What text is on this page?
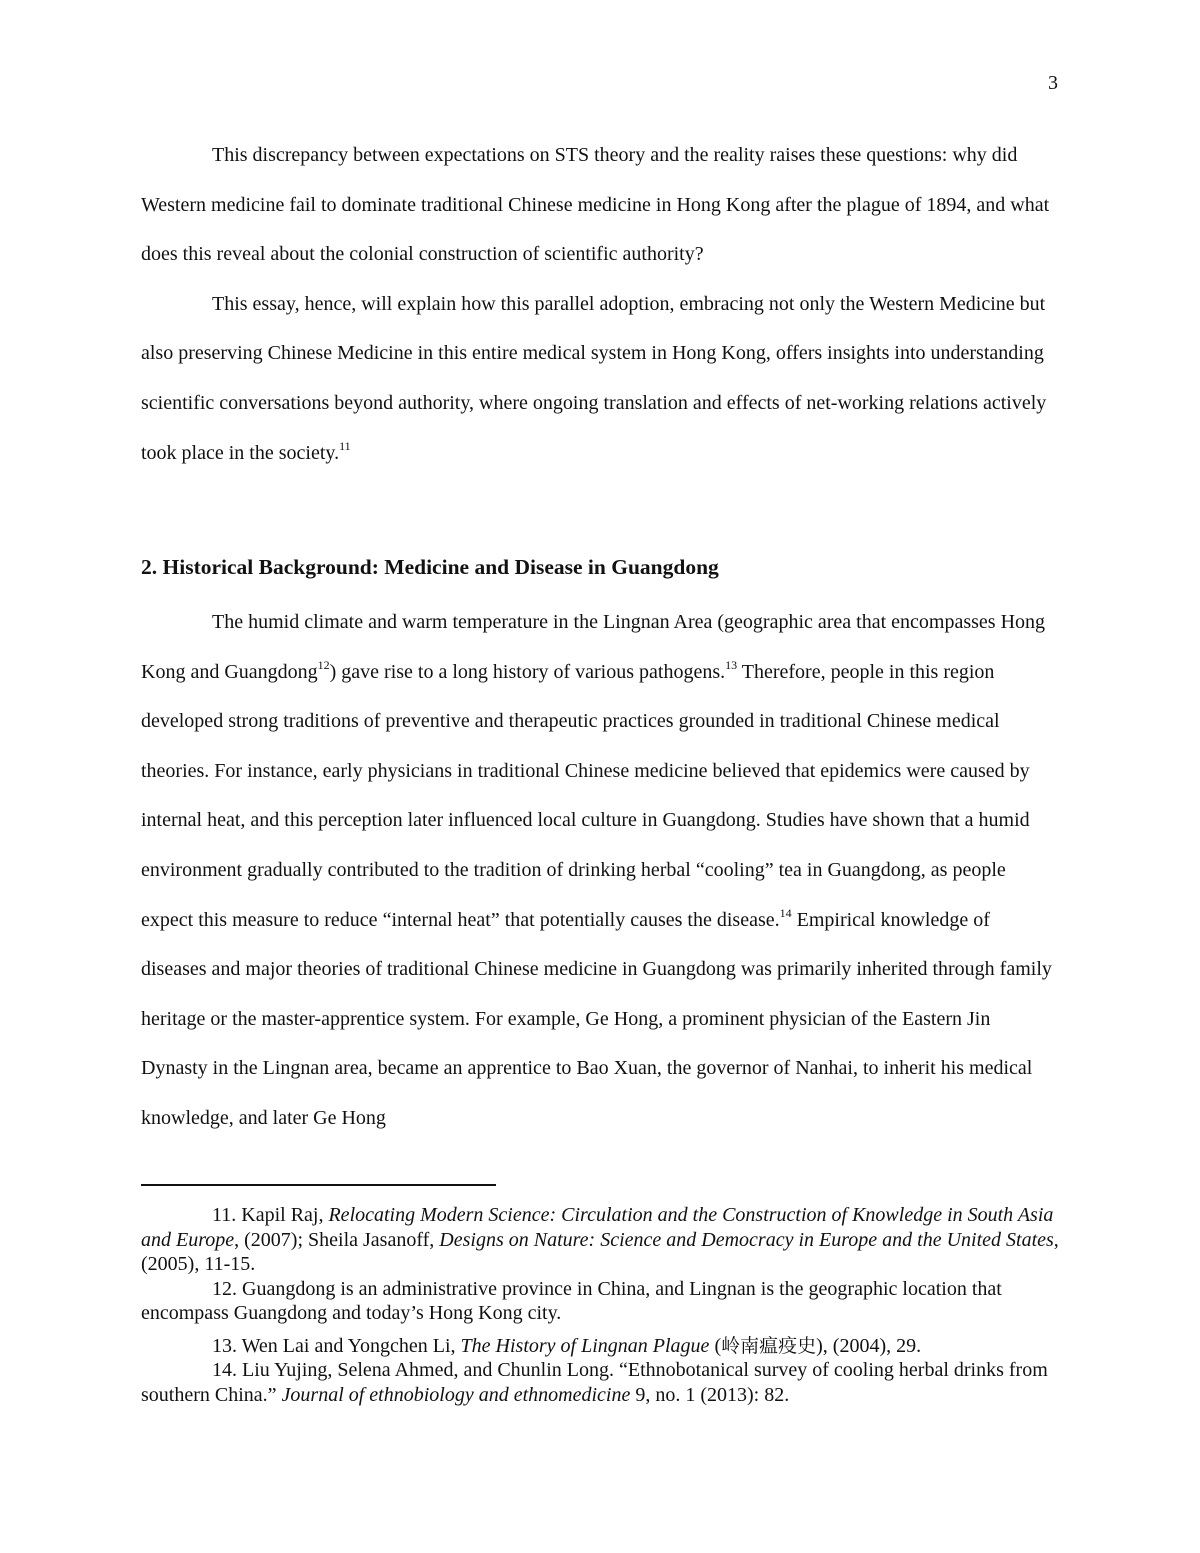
3

This discrepancy between expectations on STS theory and the reality raises these questions: why did Western medicine fail to dominate traditional Chinese medicine in Hong Kong after the plague of 1894, and what does this reveal about the colonial construction of scientific authority?

This essay, hence, will explain how this parallel adoption, embracing not only the Western Medicine but also preserving Chinese Medicine in this entire medical system in Hong Kong, offers insights into understanding scientific conversations beyond authority, where ongoing translation and effects of net-working relations actively took place in the society.$^{11}$

2. Historical Background: Medicine and Disease in Guangdong

The humid climate and warm temperature in the Lingnan Area (geographic area that encompasses Hong Kong and Guangdong$^{12}$) gave rise to a long history of various pathogens.$^{13}$ Therefore, people in this region developed strong traditions of preventive and therapeutic practices grounded in traditional Chinese medical theories. For instance, early physicians in traditional Chinese medicine believed that epidemics were caused by internal heat, and this perception later influenced local culture in Guangdong. Studies have shown that a humid environment gradually contributed to the tradition of drinking herbal “cooling” tea in Guangdong, as people expect this measure to reduce “internal heat” that potentially causes the disease.$^{14}$ Empirical knowledge of diseases and major theories of traditional Chinese medicine in Guangdong was primarily inherited through family heritage or the master-apprentice system. For example, Ge Hong, a prominent physician of the Eastern Jin Dynasty in the Lingnan area, became an apprentice to Bao Xuan, the governor of Nanhai, to inherit his medical knowledge, and later Ge Hong

11. Kapil Raj, Relocating Modern Science: Circulation and the Construction of Knowledge in South Asia and Europe, (2007); Sheila Jasanoff, Designs on Nature: Science and Democracy in Europe and the United States, (2005), 11-15.

12. Guangdong is an administrative province in China, and Lingnan is the geographic location that encompass Guangdong and today’s Hong Kong city.

13. Wen Lai and Yongchen Li, The History of Lingnan Plague (岭南瘟疫史), (2004), 29.

14. Liu Yujing, Selena Ahmed, and Chunlin Long. “Ethnobotanical survey of cooling herbal drinks from southern China.” Journal of ethnobiology and ethnomedicine 9, no. 1 (2013): 82.
